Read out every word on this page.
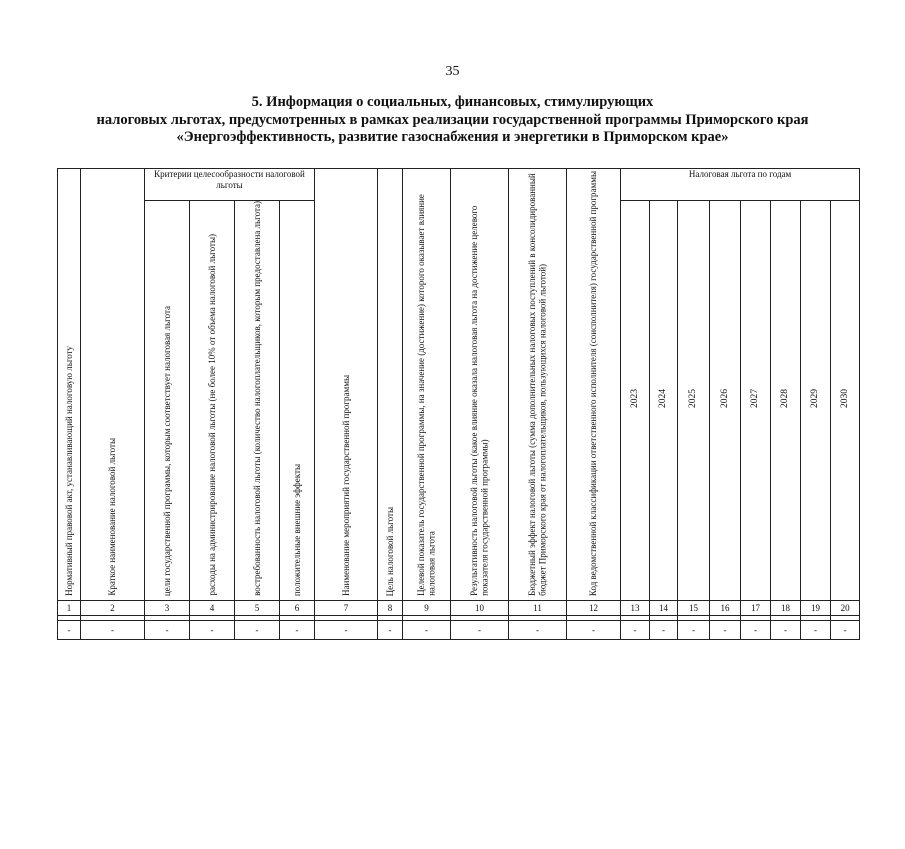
35
5. Информация о социальных, финансовых, стимулирующих
налоговых льготах, предусмотренных в рамках реализации государственной программы Приморского края
«Энергоэффективность, развитие газоснабжения и энергетики в Приморском крае»
Нормативный правовой акт, устанавливающий налоговую льготу	Краткое наименование налоговой льготы	Критерии целесообразности налоговой льготы				Наименование мероприятий государственной программы	Цель налоговой льготы	Целевой показатель государственной программы, на значение (достижение) которого оказывает влияние налоговая льгота	Результативность налоговой льготы (какое влияние оказала налоговая льгота на достижение целевого показателя государственной программы)	Бюджетный эффект налоговой льготы (сумма дополнительных налоговых поступлений в консолидированный бюджет Приморского края от налогоплательщиков, пользующихся налоговой льготой)	Код ведомственной классификации ответственного исполнителя (соисполнителя) государственной программы	Налоговая льгота по годам							

		цели государственной программы, которым соответствует налоговая льгота	расходы на администрирование налоговой льготы (не более 10% от объема налоговой льготы)	востребованность налоговой льготы (количество налогоплательщиков, которым предоставлена льгота)	положительные внешние эффекты							2023	2024	2025	2026	2027	2028	2029	2030

1	2	3	4	5	6	7	8	9	10	11	12	13	14	15	16	17	18	19	20

-	-	-	-	-	-	-	-	-	-	-	-	-	-	-	-	-	-	-	-
